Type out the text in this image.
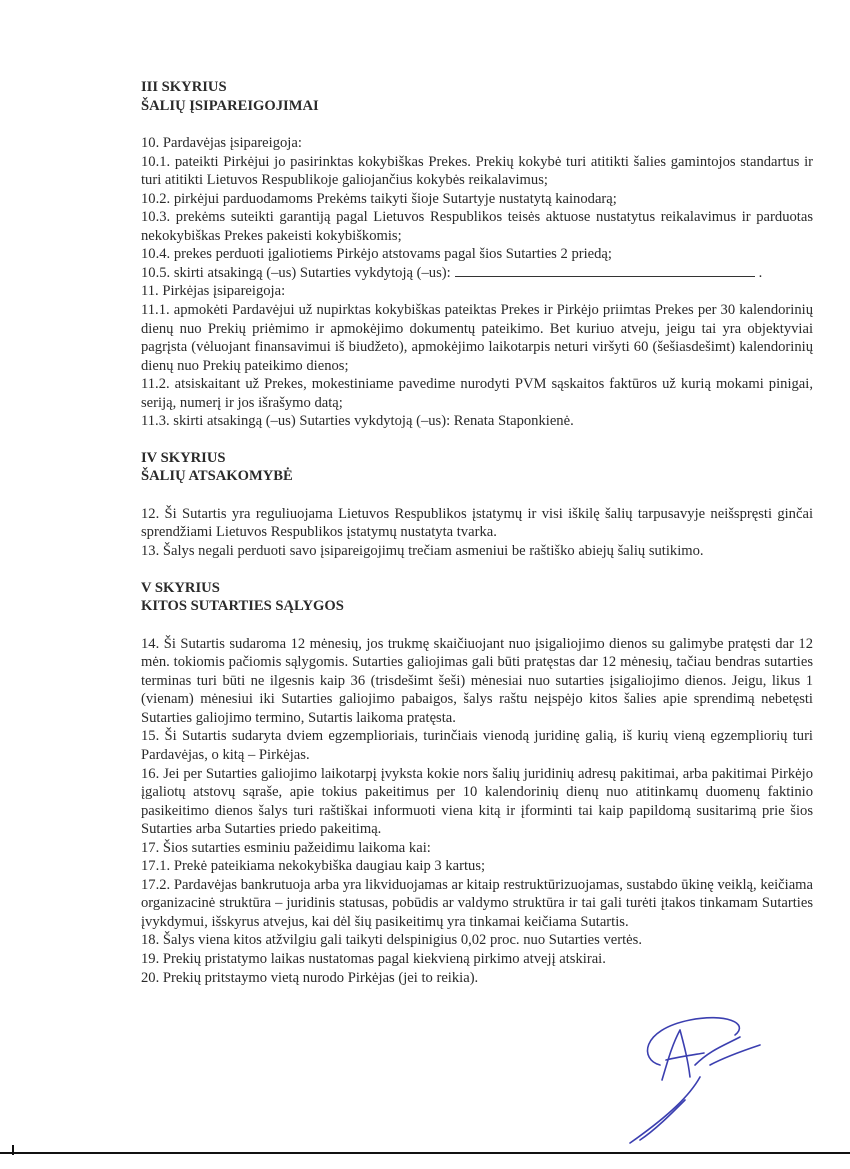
III SKYRIUS

ŠALIŲ ĮSIPAREIGOJIMAI

10. Pardavėjas įsipareigoja:

10.1. pateikti Pirkėjui jo pasirinktas kokybiškas Prekes. Prekių kokybė turi atitikti šalies gamintojos standartus ir turi atitikti Lietuvos Respublikoje galiojančius kokybės reikalavimus;

10.2. pirkėjui parduodamoms Prekėms taikyti šioje Sutartyje nustatytą kainodarą;

10.3. prekėms suteikti garantiją pagal Lietuvos Respublikos teisės aktuose nustatytus reikalavimus ir parduotas nekokybiškas Prekes pakeisti kokybiškomis;

10.4. prekes perduoti įgaliotiems Pirkėjo atstovams pagal šios Sutarties 2 priedą;

10.5. skirti atsakingą (–us) Sutarties vykdytoją (–us):	.

11. Pirkėjas įsipareigoja:

11.1. apmokėti Pardavėjui už nupirktas kokybiškas pateiktas Prekes ir Pirkėjo priimtas Prekes per 30 kalendorinių dienų nuo Prekių priėmimo ir apmokėjimo dokumentų pateikimo. Bet kuriuo atveju, jeigu tai yra objektyviai pagrįsta (vėluojant finansavimui iš biudžeto), apmokėjimo laikotarpis neturi viršyti 60 (šešiasdešimt) kalendorinių dienų nuo Prekių pateikimo dienos;

11.2. atsiskaitant už Prekes, mokestiniame pavedime nurodyti PVM sąskaitos faktūros už kurią mokami pinigai, seriją, numerį ir jos išrašymo datą;

11.3. skirti atsakingą (–us) Sutarties vykdytoją (–us): Renata Staponkienė.

IV SKYRIUS

ŠALIŲ ATSAKOMYBĖ

12. Ši Sutartis yra reguliuojama Lietuvos Respublikos įstatymų ir visi iškilę šalių tarpusavyje neišspręsti ginčai sprendžiami Lietuvos Respublikos įstatymų nustatyta tvarka.

13. Šalys negali perduoti savo įsipareigojimų trečiam asmeniui be raštiško abiejų šalių sutikimo.

V SKYRIUS

KITOS SUTARTIES SĄLYGOS

14. Ši Sutartis sudaroma 12 mėnesių, jos trukmę skaičiuojant nuo įsigaliojimo dienos su galimybe pratęsti dar 12 mėn. tokiomis pačiomis sąlygomis. Sutarties galiojimas gali būti pratęstas dar 12 mėnesių, tačiau bendras sutarties terminas turi būti ne ilgesnis kaip 36 (trisdešimt šeši) mėnesiai nuo sutarties įsigaliojimo dienos. Jeigu, likus 1 (vienam) mėnesiui iki Sutarties galiojimo pabaigos, šalys raštu neįspėjo kitos šalies apie sprendimą nebetęsti Sutarties galiojimo termino, Sutartis laikoma pratęsta.

15. Ši Sutartis sudaryta dviem egzemplioriais, turinčiais vienodą juridinę galią, iš kurių vieną egzempliorių turi Pardavėjas, o kitą – Pirkėjas.

16. Jei per Sutarties galiojimo laikotarpį įvyksta kokie nors šalių juridinių adresų pakitimai, arba pakitimai Pirkėjo įgaliotų atstovų sąraše, apie tokius pakeitimus per 10 kalendorinių dienų nuo atitinkamų duomenų faktinio pasikeitimo dienos šalys turi raštiškai informuoti viena kitą ir įforminti tai kaip papildomą susitarimą prie šios Sutarties arba Sutarties priedo pakeitimą.

17. Šios sutarties esminiu pažeidimu laikoma kai:

17.1. Prekė pateikiama nekokybiška daugiau kaip 3 kartus;

17.2. Pardavėjas bankrutuoja arba yra likviduojamas ar kitaip restruktūrizuojamas, sustabdo ūkinę veiklą, keičiama organizacinė struktūra – juridinis statusas, pobūdis ar valdymo struktūra ir tai gali turėti įtakos tinkamam Sutarties įvykdymui, išskyrus atvejus, kai dėl šių pasikeitimų yra tinkamai keičiama Sutartis.

18. Šalys viena kitos atžvilgiu gali taikyti delspinigius 0,02 proc. nuo Sutarties vertės.

19. Prekių pristatymo laikas nustatomas pagal kiekvieną pirkimo atvejį atskirai.

20. Prekių pritstaymo vietą nurodo Pirkėjas (jei to reikia).
